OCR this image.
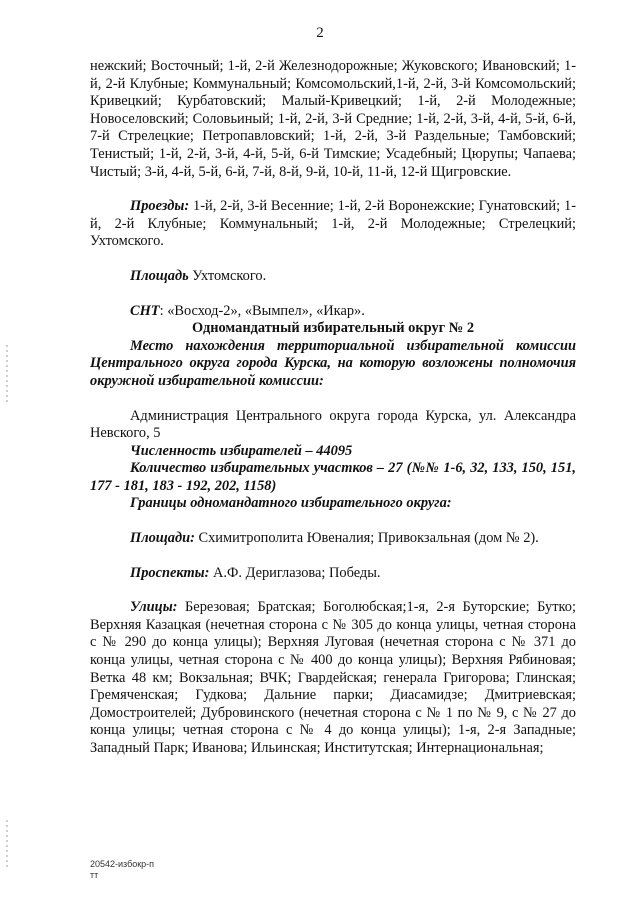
2

нежский; Восточный; 1-й, 2-й Железнодорожные; Жуковского; Ивановский; 1-й, 2-й Клубные; Коммунальный; Комсомольский,1-й, 2-й, 3-й Комсомольский; Кривецкий; Курбатовский; Малый-Кривецкий; 1-й, 2-й Молодежные; Новоселовский; Соловьиный; 1-й, 2-й, 3-й Средние; 1-й, 2-й, 3-й, 4-й, 5-й, 6-й, 7-й Стрелецкие; Петропавловский; 1-й, 2-й, 3-й Раздельные; Тамбовский; Тенистый; 1-й, 2-й, 3-й, 4-й, 5-й, 6-й Тимские; Усадебный; Цюрупы; Чапаева; Чистый; 3-й, 4-й, 5-й, 6-й, 7-й, 8-й, 9-й, 10-й, 11-й, 12-й Щигровские.

Проезды: 1-й, 2-й, 3-й Весенние; 1-й, 2-й Воронежские; Гунатовский; 1-й, 2-й Клубные; Коммунальный; 1-й, 2-й Молодежные; Стрелецкий; Ухтомского.

Площадь Ухтомского.

СНТ: «Восход-2», «Вымпел», «Икар».

Одномандатный избирательный округ № 2

Место нахождения территориальной избирательной комиссии Центрального округа города Курска, на которую возложены полномочия окружной избирательной комиссии:

Администрация Центрального округа города Курска, ул. Александра Невского, 5

Численность избирателей – 44095

Количество избирательных участков – 27 (№№ 1-6, 32, 133, 150, 151, 177 - 181, 183 - 192, 202, 1158)

Границы одномандатного избирательного округа:

Площади: Схимитрополита Ювеналия; Привокзальная (дом № 2).

Проспекты: А.Ф. Дериглазова; Победы.

Улицы: Березовая; Братская; Боголюбская;1-я, 2-я Буторские; Бутко; Верхняя Казацкая (нечетная сторона с № 305 до конца улицы, четная сторона с № 290 до конца улицы); Верхняя Луговая (нечетная сторона с № 371 до конца улицы, четная сторона с № 400 до конца улицы); Верхняя Рябиновая; Ветка 48 км; Вокзальная; ВЧК; Гвардейская; генерала Григорова; Глинская; Гремяченская; Гудкова; Дальние парки; Диасамидзе; Дмитриевская; Домостроителей; Дубровинского (нечетная сторона с № 1 по № 9, с № 27 до конца улицы; четная сторона с № 4 до конца улицы); 1-я, 2-я Западные; Западный Парк; Иванова; Ильинская; Институтская; Интернациональная;

20542-избокр-п
тт
